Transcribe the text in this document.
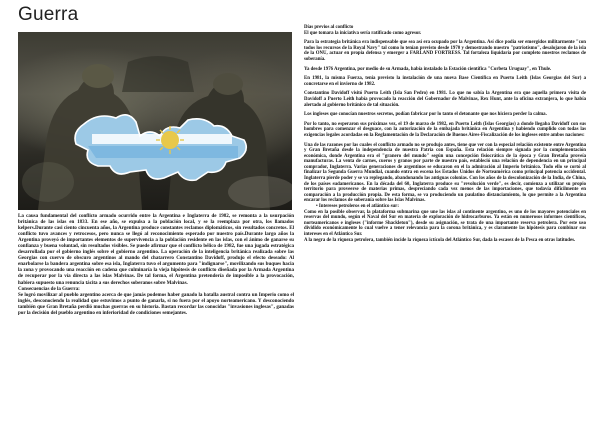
Guerra

La causa fundamental del conflicto armado ocurrido entre la Argentina e Inglaterra de 1982, se remonta a la usurpación británica de las islas en 1833. En ese año, se expulsa a la población local, y se la reemplaza por otra, los llamados kelpers.Durante casi ciento cincuenta años, la Argentina produce constantes reclamos diplomáticos, sin resultados concretos. El conflicto tuvo avances y retrocesos, pero nunca se llegó al reconocimiento esperado por nuestro país.Durante largo años la Argentina proveyó de importantes elementos de supervivencia a la población residente en las islas, con el ánimo de ganarse su confianza y buena voluntad, sin resultados visibles. Se puede afirmar que el conflicto bélico de 1982, fue una jugada estratégica desarrollada por el gobierno inglés sobre el gobierno argentino. La operación de la inteligencia británica realizada sobre las Georgias con cuervo de obscuro argentinos al mando del chatarrero Constantino Davidoff, produjo el efecto deseado: Al enarbolarse la bandera argentina sobre esa isla, Inglaterra tuvo el argumento para "indignarse", movilizando sus buques hacia la zona y provocando una reacción en cadena que culminaría la vieja hipótesis de conflicto diseñada por la Armada Argentina de recuperar por la vía directa a las islas Malvinas. De tal forma, el Argentina pretendería de imposible a la provocación, habiera supuesto una renuncia tácita a sus derechos soberanos sobre Malvinas.

Consecuencias de la Guerra:

Se logró movilizar al pueblo argentino acerca de que jamás podemos haber ganado la batalla austral contra un Imperio como el inglés, desconociendo la realidad que estuvimos a punto de ganarla, si no fuera por el apoyo norteamericano. Y desconociendo también que Gran Bretaña perdió muchas guerras en su historia. Bastan recordar las conocidas "invasiones inglesas", ganadas por la decisión del pueblo argentino en inferioridad de condiciones semejantes.

Días previos al conflicto

El que tomara la iniciativa sería ratificado como agresor.

Para la estrategia británica era indispensable que sea así era ocupado por la Argentina. Así dice podía ser emergidos militarmente "con todos los recursos de la Royal Navy" tal como lo tenían previsto desde 1970 y demostrando nuestro "patriotismo", desalojaron de la isla de la ONU, actuar en propia defensa y emerger a FARLAND FORTRESS. Tal fortaleza liquidaría por completo nuestros reclamos de soberanía.

Ya desde 1976 Argentina, por medio de su Armada, había instalado la Estación científica "Corbeta Uruguay", en Thule.

En 1981, la misma Fuerza, tenía previsto la instalación de una nueva Base Científica en Puerto Leith (Islas Georgias del Sur) a concretarse en el invierno de 1982.

Constantino Davidoff visitó Puerto Leith (Isla San Pedro) en 1981. Lo que no sabía la Argentina era que aquella primera visita de Davidoff a Puerto Leith había provocado la reacción del Gobernador de Malvinas, Rex Hunt, ante la oficina extranjera, lo que había alertado al gobierno británico de tal situación.

Los ingleses que conocían nuestros secretos, podían fabricar por lo tanto el detonante que nos hiciera perder la calma.

Por lo tanto, no esperaron sus próximas vez, el 19 de marzo de 1982, en Puerto Leith (Islas Georgias) a donde llegaba Davidoff con sus hombres para comenzar el desguace, con la autorización de la embajada británica en Argentina y habiendo cumplido con todas las exigencias legales acordadas en la Reglamentación de la Declaración de Buenos Aires-Fiscalización de los ingleses entre ambos naciones:

Una de las razones por las cuales el conflicto armado no se produjo antes, tiene que ver con la especial relación existente entre Argentina y Gran Bretaña desde la independencia de nuestra Patria con España. Esta relación siempre signada por la complementación económica, donde Argentina era el "granero del mundo" según una concepción fisiocrática de la época y Gran Bretaña proveía manufacturas. La venta de carnes, cueros y granos por parte de nuestro país, estableció una relación de dependencia en un principal comprador, Inglaterra. Varias generaciones de argentinos se educaron en el la admiración al Imperio británico. Todo ello se cortó al finalizar la Segunda Guerra Mundial, cuando entra en escena los Estados Unidos de Norteamérica como principal potencia occidental. Inglaterra pierde poder y se va replegando, abandonando las antiguas colonias. Con los años de la descolonización de la India, de China, de los países sudamericanos. En la década del 60, Inglaterra produce su "revolución verde", es decir, comienza a utilizar su propio territorio para proveerse de materias primas, despreciando cada vez menos de las importaciones, que todavía difícilmente en comparación a la producción propia. De esta forma, se va produciendo un paulatino distanciamiento, lo que permite a la Argentina encarar los reclamos de soberanía sobre las Islas Malvinas.

• Intereses petroleros en el atlántico sur:

Como en la posible observar, la plataforma submarina que une las islas al continente argentino, es uno de los mayores potenciales en reservas del mundo, según el Naval del Sur en materia de exploración de hidrocarburos. Ya están en numerosos informes científicos, norteamericanos e ingleses ("informe Shackleton"), desde su asignación, se trata de una importante reserva petrolera. Por este uso dividido económicamente lo cual vuelve a tener relevancia para la corona británica, y es claramente las hipótesis para combinar sus intereses en el Atlántico Sur.

A la negra de la riqueza petrolera, también incide la riqueza ictícola del Atlántico Sur, dada la escasez de la Pesca en otras latitudes.
